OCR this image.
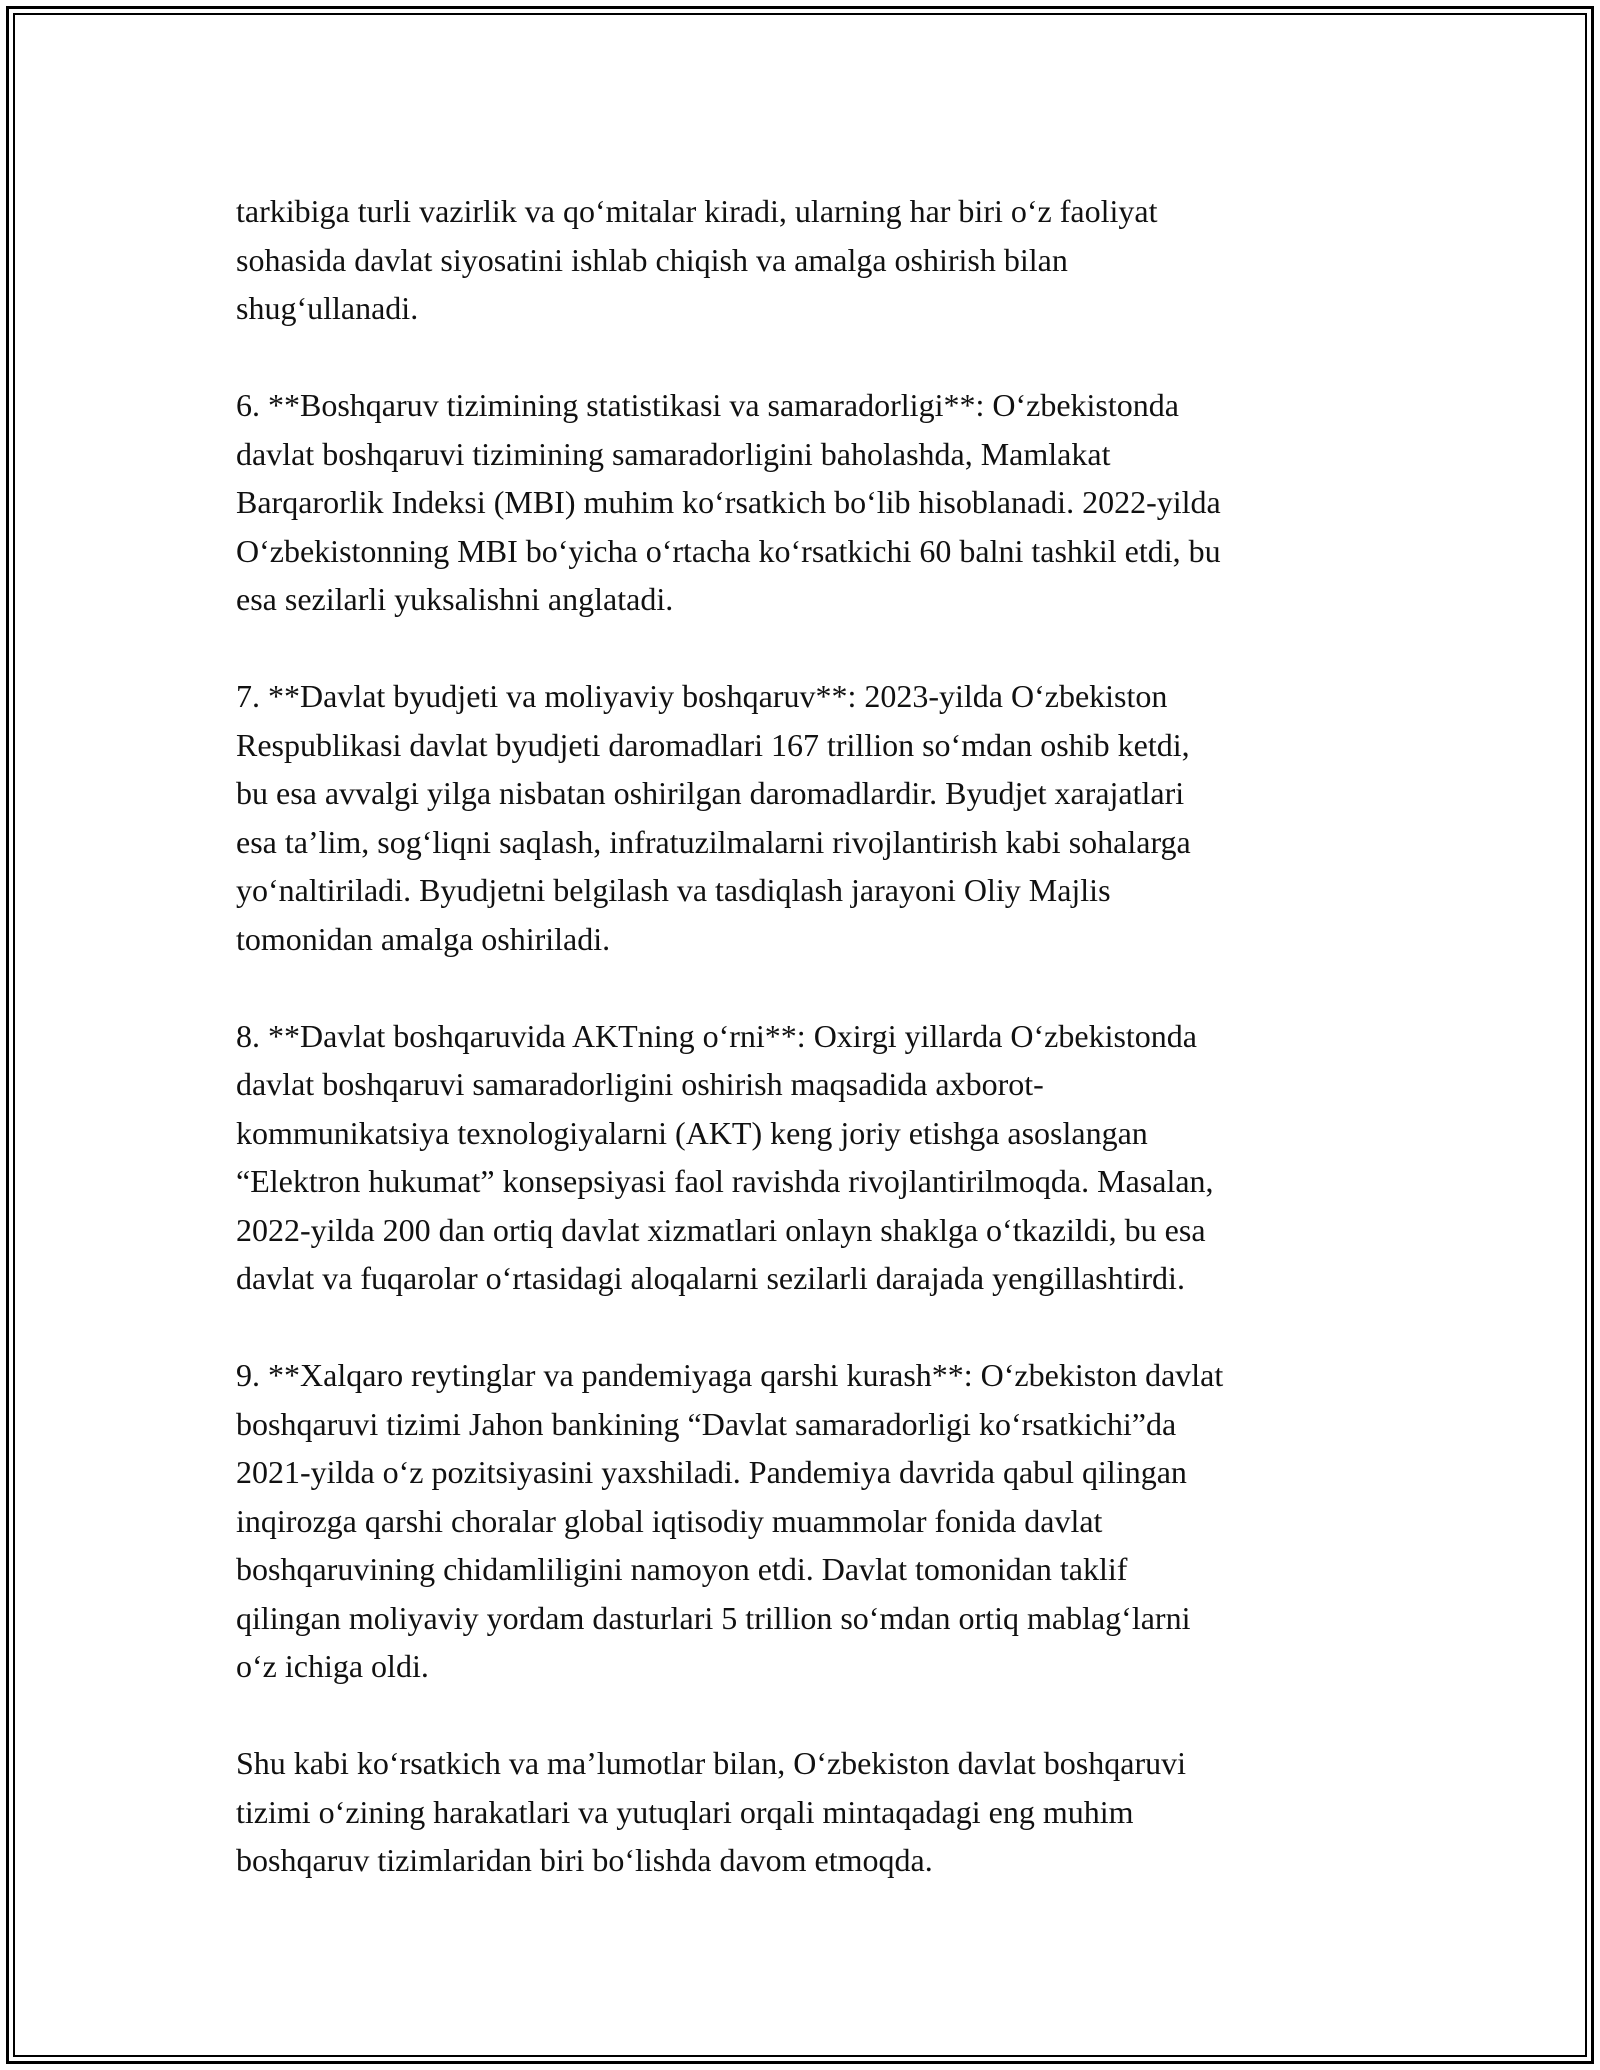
tarkibiga turli vazirlik va qo‘mitalar kiradi, ularning har biri o‘z faoliyat
sohasida davlat siyosatini ishlab chiqish va amalga oshirish bilan
shug‘ullanadi.

6. **Boshqaruv tizimining statistikasi va samaradorligi**: O‘zbekistonda
davlat boshqaruvi tizimining samaradorligini baholashda, Mamlakat
Barqarorlik Indeksi (MBI) muhim ko‘rsatkich bo‘lib hisoblanadi. 2022-yilda
O‘zbekistonning MBI bo‘yicha o‘rtacha ko‘rsatkichi 60 balni tashkil etdi, bu
esa sezilarli yuksalishni anglatadi.

7. **Davlat byudjeti va moliyaviy boshqaruv**: 2023-yilda O‘zbekiston
Respublikasi davlat byudjeti daromadlari 167 trillion so‘mdan oshib ketdi,
bu esa avvalgi yilga nisbatan oshirilgan daromadlardir. Byudjet xarajatlari
esa ta’lim, sog‘liqni saqlash, infratuzilmalarni rivojlantirish kabi sohalarga
yo‘naltiriladi. Byudjetni belgilash va tasdiqlash jarayoni Oliy Majlis
tomonidan amalga oshiriladi.

8. **Davlat boshqaruvida AKTning o‘rni**: Oxirgi yillarda O‘zbekistonda
davlat boshqaruvi samaradorligini oshirish maqsadida axborot-
kommunikatsiya texnologiyalarni (AKT) keng joriy etishga asoslangan
“Elektron hukumat” konsepsiyasi faol ravishda rivojlantirilmoqda. Masalan,
2022-yilda 200 dan ortiq davlat xizmatlari onlayn shaklga o‘tkazildi, bu esa
davlat va fuqarolar o‘rtasidagi aloqalarni sezilarli darajada yengillashtirdi.

9. **Xalqaro reytinglar va pandemiyaga qarshi kurash**: O‘zbekiston davlat
boshqaruvi tizimi Jahon bankining “Davlat samaradorligi ko‘rsatkichi”da
2021-yilda o‘z pozitsiyasini yaxshiladi. Pandemiya davrida qabul qilingan
inqirozga qarshi choralar global iqtisodiy muammolar fonida davlat
boshqaruvining chidamliligini namoyon etdi. Davlat tomonidan taklif
qilingan moliyaviy yordam dasturlari 5 trillion so‘mdan ortiq mablag‘larni
o‘z ichiga oldi.

Shu kabi ko‘rsatkich va ma’lumotlar bilan, O‘zbekiston davlat boshqaruvi
tizimi o‘zining harakatlari va yutuqlari orqali mintaqadagi eng muhim
boshqaruv tizimlaridan biri bo‘lishda davom etmoqda.
